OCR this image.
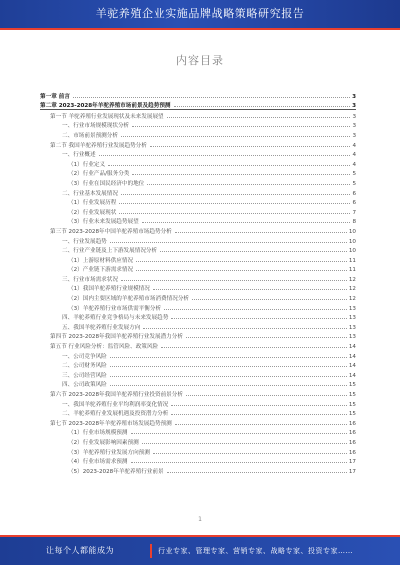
羊驼养殖企业实施品牌战略策略研究报告
内容目录
第一章 前言	3
第二章 2023-2028年羊驼养殖市场前景及趋势预测	3
第一节 羊驼养殖行业发展现状及未来发展展望	3
一、行业市场规模现状分析	3
二、市场前景预测分析	3
第二节 我国羊驼养殖行业发展趋势分析	4
一、行业概述	4
（1）行业定义	4
（2）行业产品/服务分类	5
（3）行业在国民经济中的地位	5
二、行业基本发展情况	6
（1）行业发展历程	6
（2）行业发展现状	7
（3）行业未来发展趋势展望	8
第三节 2023-2028年中国羊驼养殖市场趋势分析	10
一、行业发展趋势	10
二、行业产业链及上下游发展情况分析	10
（1）上游原材料供应情况	11
（2）产业链下游需求情况	11
三、行业市场需求状况	12
（1）我国羊驼养殖行业规模情况	12
（2）国内主要区域的羊驼养殖市场消费情况分析	12
（3）羊驼养殖行业市场供需平衡分析	13
四、羊驼养殖行业竞争格局与未来发展趋势	13
五、我国羊驼养殖行业发展方向	13
第四节 2023-2028年我国羊驼养殖行业发展潜力分析	13
第五节 行业风险分析：监管风险、政策风险	14
一、公司竞争风险	14
二、公司财务风险	14
三、公司经营风险	14
四、公司政策风险	15
第六节 2023-2028年我国羊驼养殖行业投资前景分析	15
一、我国羊驼养殖行业平均利润率变化情况	15
二、羊驼养殖行业发展机遇及投资潜力分析	15
第七节 2023-2028年羊驼养殖市场发展趋势预测	16
（1）行业市场规模预测	16
（2）行业发展影响因素预测	16
（3）羊驼养殖行业发展方向预测	16
（4）行业市场需求预测	17
（5）2023-2028年羊驼养殖行业前景	17
1
让每个人都能成为	行业专家、管理专家、营销专家、战略专家、投资专家……
